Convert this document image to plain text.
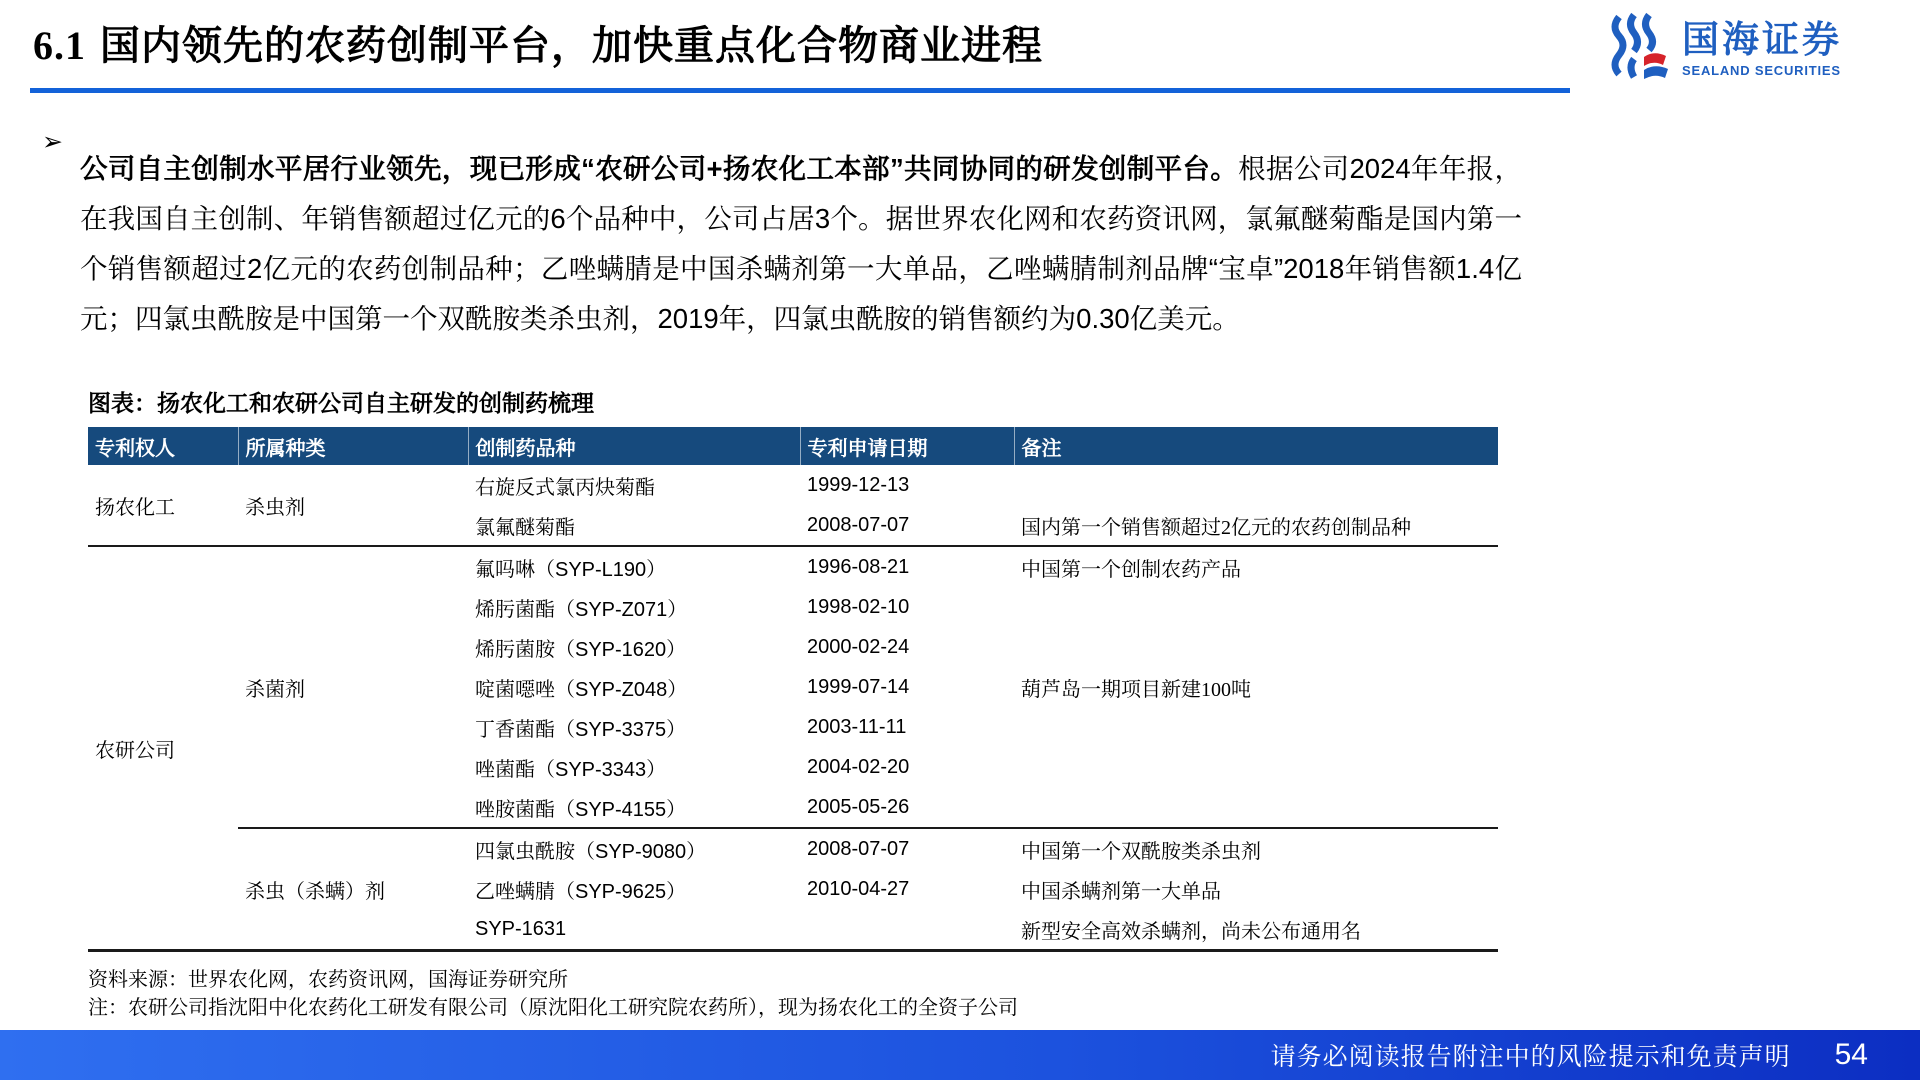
6.1 国内领先的农药创制平台，加快重点化合物商业进程	国海证券
SEALAND SECURITIES
➢

公司自主创制水平居行业领先，现已形成“农研公司+扬农化工本部”共同协同的研发创制平台。根据公司2024年年报，在我国自主创制、年销售额超过亿元的6个品种中，公司占居3个。据世界农化网和农药资讯网，氯氟醚菊酯是国内第一个销售额超过2亿元的农药创制品种；乙唑螨腈是中国杀螨剂第一大单品，乙唑螨腈制剂品牌“宝卓”2018年销售额1.4亿元；四氯虫酰胺是中国第一个双酰胺类杀虫剂，2019年，四氯虫酰胺的销售额约为0.30亿美元。

图表：扬农化工和农研公司自主研发的创制药梳理
专利权人	所属种类	创制药品种	专利申请日期	备注
扬农化工	杀虫剂	右旋反式氯丙炔菊酯	1999-12-13	
		氯氟醚菊酯	2008-07-07	国内第一个销售额超过2亿元的农药创制品种
农研公司	杀菌剂	氟吗啉（SYP-L190）	1996-08-21	中国第一个创制农药产品
		烯肟菌酯（SYP-Z071）	1998-02-10	
		烯肟菌胺（SYP-1620）	2000-02-24	
		啶菌噁唑（SYP-Z048）	1999-07-14	葫芦岛一期项目新建100吨
		丁香菌酯（SYP-3375）	2003-11-11	
		唑菌酯（SYP-3343）	2004-02-20	
		唑胺菌酯（SYP-4155）	2005-05-26	
	杀虫（杀螨）剂	四氯虫酰胺（SYP-9080）	2008-07-07	中国第一个双酰胺类杀虫剂
		乙唑螨腈（SYP-9625）	2010-04-27	中国杀螨剂第一大单品
		SYP-1631		新型安全高效杀螨剂，尚未公布通用名
资料来源：世界农化网，农药资讯网，国海证券研究所
注：农研公司指沈阳中化农药化工研发有限公司（原沈阳化工研究院农药所），现为扬农化工的全资子公司
请务必阅读报告附注中的风险提示和免责声明 54
